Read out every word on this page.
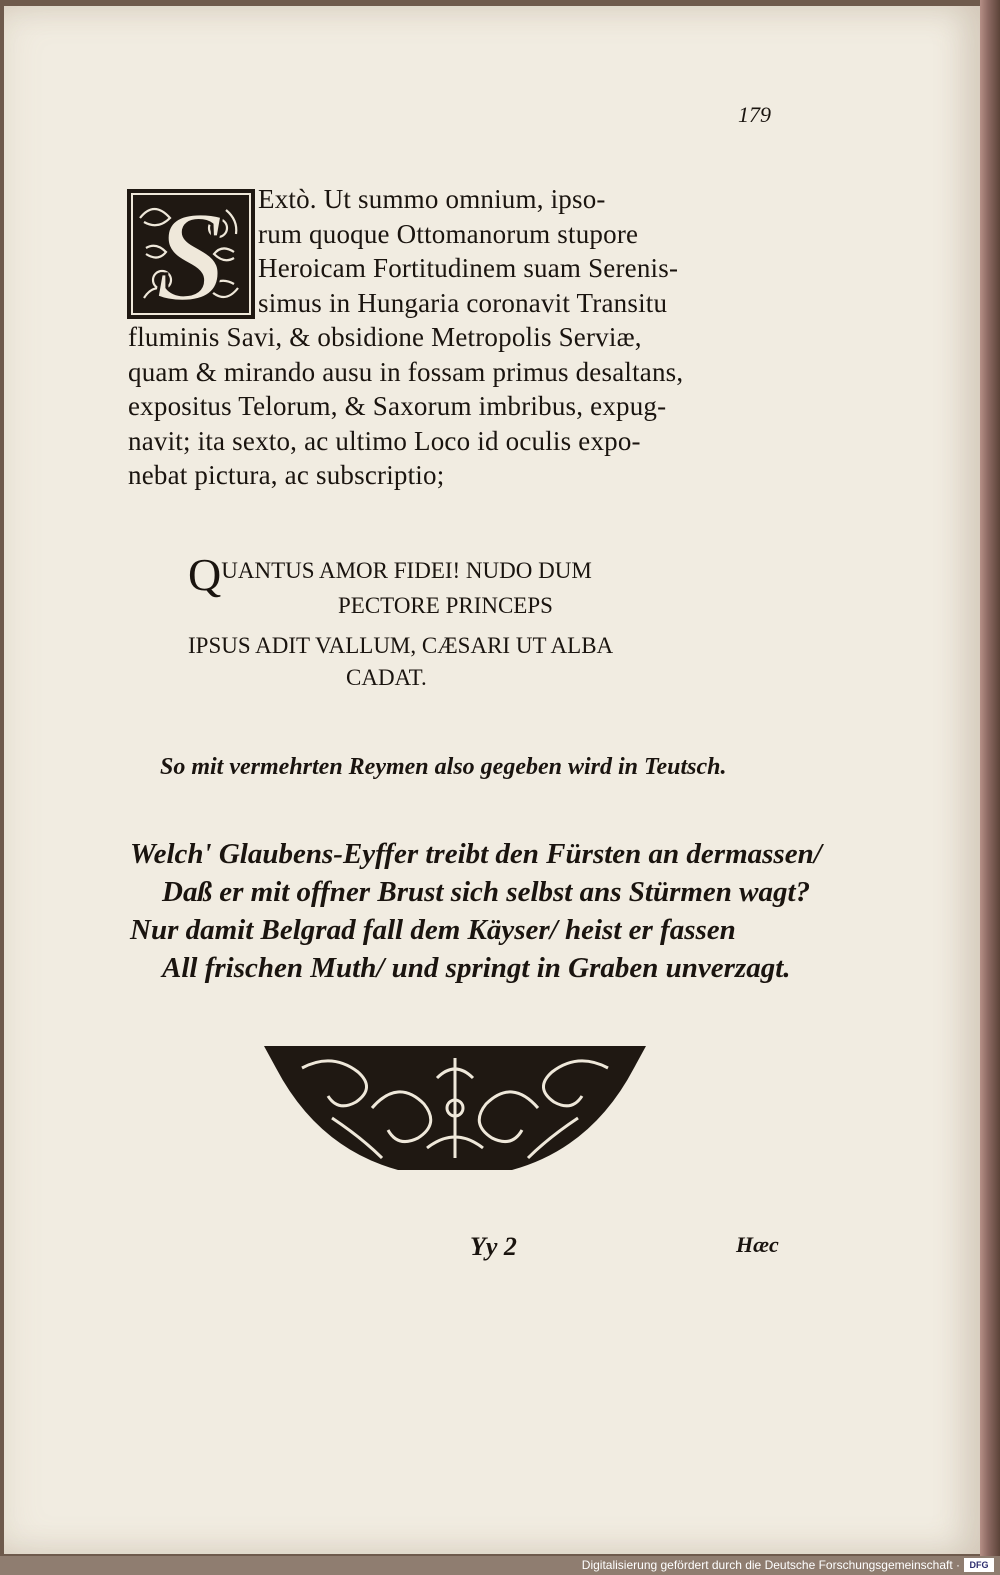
179
S	Extò. Ut summo omnium, ipso-
rum quoque Ottomanorum stupore
Heroicam Fortitudinem suam Serenis-
simus in Hungaria coronavit Transitu
fluminis Savi, & obsidione Metropolis Serviæ,
quam & mirando ausu in fossam primus desaltans,
expositus Telorum, & Saxorum imbribus, expug-
navit; ita sexto, ac ultimo Loco id oculis expo-
nebat pictura, ac subscriptio;
QUANTUS AMOR FIDEI! NUDO DUM
PECTORE PRINCEPS
IPSUS ADIT VALLUM, CÆSARI UT ALBA
CADAT.
So mit vermehrten Reymen also gegeben wird in Teutsch.
Welch' Glaubens-Eyffer treibt den Fürsten an dermassen/
Daß er mit offner Brust sich selbst ans Stürmen wagt?
Nur damit Belgrad fall dem Käyser/ heist er fassen
All frischen Muth/ und springt in Graben unverzagt.
Yy 2	Hæc
Digitalisierung gefördert durch die Deutsche Forschungsgemeinschaft ·	DFG
